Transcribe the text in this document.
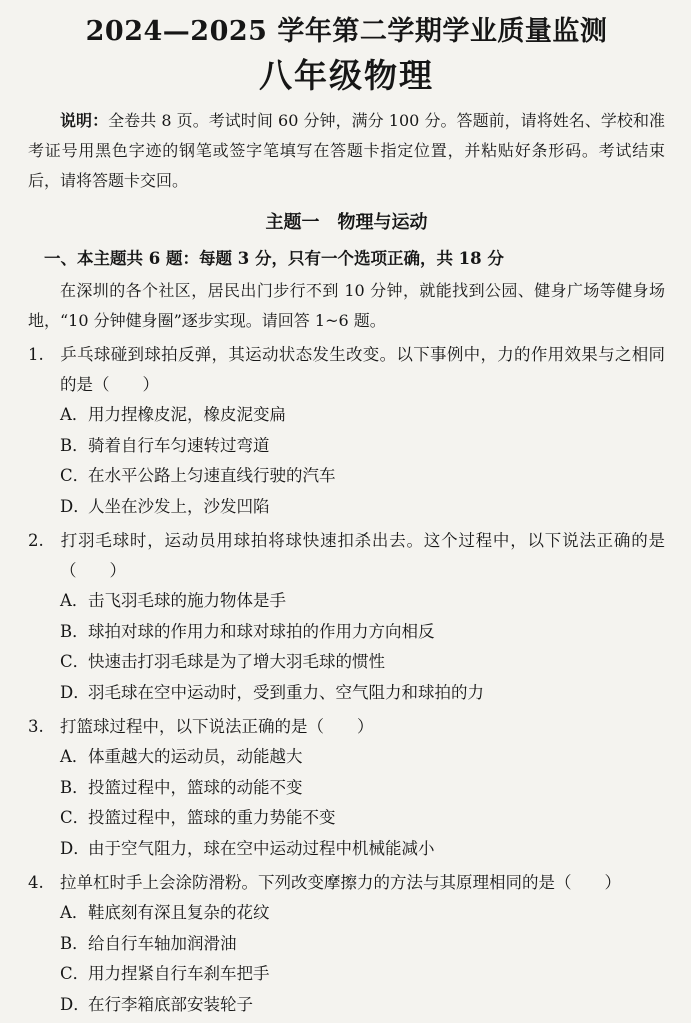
2024—2025 学年第二学期学业质量监测
八年级物理

说明：全卷共 8 页。考试时间 60 分钟，满分 100 分。答题前，请将姓名、学校和准考证号用黑色字迹的钢笔或签字笔填写在答题卡指定位置，并粘贴好条形码。考试结束后，请将答题卡交回。

主题一　物理与运动
一、本主题共 6 题：每题 3 分，只有一个选项正确，共 18 分

在深圳的各个社区，居民出门步行不到 10 分钟，就能找到公园、健身广场等健身场地，“10 分钟健身圈”逐步实现。请回答 1~6 题。

1. 乒乓球碰到球拍反弹，其运动状态发生改变。以下事例中，力的作用效果与之相同的是（　　）

A．用力捏橡皮泥，橡皮泥变扁
B．骑着自行车匀速转过弯道
C．在水平公路上匀速直线行驶的汽车
D．人坐在沙发上，沙发凹陷

2. 打羽毛球时，运动员用球拍将球快速扣杀出去。这个过程中，以下说法正确的是（　　）

A．击飞羽毛球的施力物体是手
B．球拍对球的作用力和球对球拍的作用力方向相反
C．快速击打羽毛球是为了增大羽毛球的惯性
D．羽毛球在空中运动时，受到重力、空气阻力和球拍的力

3. 打篮球过程中，以下说法正确的是（　　）

A．体重越大的运动员，动能越大
B．投篮过程中，篮球的动能不变
C．投篮过程中，篮球的重力势能不变
D．由于空气阻力，球在空中运动过程中机械能减小

4. 拉单杠时手上会涂防滑粉。下列改变摩擦力的方法与其原理相同的是（　　）

A．鞋底刻有深且复杂的花纹
B．给自行车轴加润滑油
C．用力捏紧自行车刹车把手
D．在行李箱底部安装轮子
